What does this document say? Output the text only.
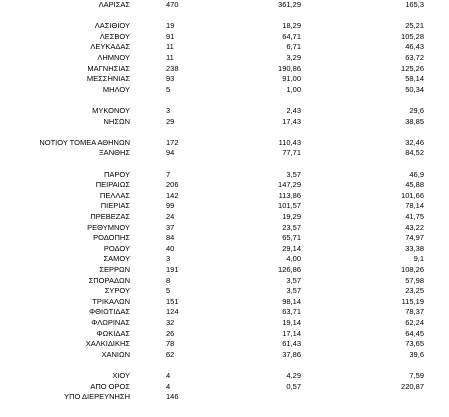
ΛΑΡΙΣΑΣ	470	361,29	165,3
ΛΑΣΙΘΙΟΥ	19	18,29	25,21
ΛΕΣΒΟΥ	91	64,71	105,28
ΛΕΥΚΑΔΑΣ	11	6,71	46,43
ΛΗΜΝΟΥ	11	3,29	63,72
ΜΑΓΝΗΣΙΑΣ	238	190,86	125,26
ΜΕΣΣΗΝΙΑΣ	93	91,00	58,14
ΜΗΛΟΥ	5	1,00	50,34
ΜΥΚΟΝΟΥ	3	2,43	29,6
ΝΗΣΩΝ	29	17,43	38,85
ΝΟΤΙΟΥ ΤΟΜΕΑ ΑΘΗΝΩΝ	172	110,43	32,46
ΞΑΝΘΗΣ	94	77,71	84,52
ΠΑΡΟΥ	7	3,57	46,9
ΠΕΙΡΑΙΩΣ	206	147,29	45,88
ΠΕΛΛΑΣ	142	113,86	101,66
ΠΙΕΡΙΑΣ	99	101,57	78,14
ΠΡΕΒΕΖΑΣ	24	19,29	41,75
ΡΕΘΥΜΝΟΥ	37	23,57	43,22
ΡΟΔΟΠΗΣ	84	65,71	74,97
ΡΟΔΟΥ	40	29,14	33,38
ΣΑΜΟΥ	3	4,00	9,1
ΣΕΡΡΩΝ	191	126,86	108,26
ΣΠΟΡΑΔΩΝ	8	3,57	57,98
ΣΥΡΟΥ	5	3,57	23,25
ΤΡΙΚΑΛΩΝ	151	98,14	115,19
ΦΘΙΩΤΙΔΑΣ	124	63,71	78,37
ΦΛΩΡΙΝΑΣ	32	19,14	62,24
ΦΩΚΙΔΑΣ	26	17,14	64,45
ΧΑΛΚΙΔΙΚΗΣ	78	61,43	73,65
ΧΑΝΙΩΝ	62	37,86	39,6
ΧΙΟΥ	4	4,29	7,59
ΑΠΟ ΟΡΟΣ	4	0,57	220,87
ΥΠΟ ΔΙΕΡΕΥΝΗΣΗ	146
